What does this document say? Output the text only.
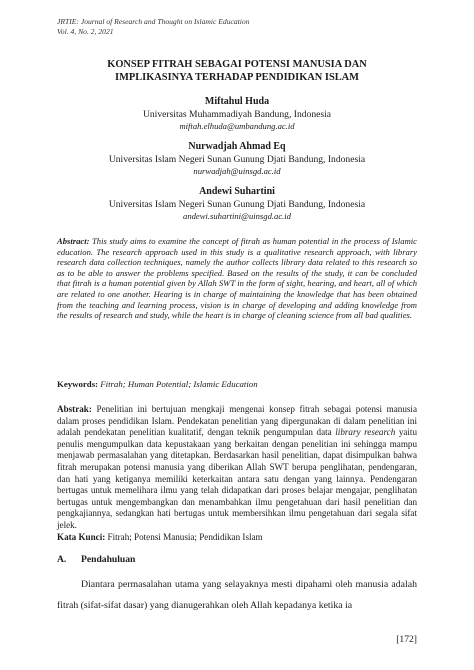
JRTIE: Journal of Research and Thought on Islamic Education
Vol. 4, No. 2, 2021
KONSEP FITRAH SEBAGAI POTENSI MANUSIA DAN
IMPLIKASINYA TERHADAP PENDIDIKAN ISLAM
Miftahul Huda
Universitas Muhammadiyah Bandung, Indonesia
miftah.elhuda@umbandung.ac.id
Nurwadjah Ahmad Eq
Universitas Islam Negeri Sunan Gunung Djati Bandung, Indonesia
nurwadjah@uinsgd.ac.id
Andewi Suhartini
Universitas Islam Negeri Sunan Gunung Djati Bandung, Indonesia
andewi.suhartini@uinsgd.ac.id

Abstract: This study aims to examine the concept of fitrah as human potential in the process of Islamic education. The research approach used in this study is a qualitative research approach, with library research data collection techniques, namely the author collects library data related to this research so as to be able to answer the problems specified. Based on the results of the study, it can be concluded that fitrah is a human potential given by Allah SWT in the form of sight, hearing, and heart, all of which are related to one another. Hearing is in charge of maintaining the knowledge that has been obtained from the teaching and learning process, vision is in charge of developing and adding knowledge from the results of research and study, while the heart is in charge of cleaning science from all bad qualities.

Keywords: Fitrah; Human Potential; Islamic Education

Abstrak: Penelitian ini bertujuan mengkaji mengenai konsep fitrah sebagai potensi manusia dalam proses pendidikan Islam. Pendekatan penelitian yang dipergunakan di dalam penelitian ini adalah pendekatan penelitian kualitatif, dengan teknik pengumpulan data library research yaitu penulis mengumpulkan data kepustakaan yang berkaitan dengan penelitian ini sehingga mampu menjawab permasalahan yang ditetapkan. Berdasarkan hasil penelitian, dapat disimpulkan bahwa fitrah merupakan potensi manusia yang diberikan Allah SWT berupa penglihatan, pendengaran, dan hati yang ketiganya memiliki keterkaitan antara satu dengan yang lainnya. Pendengaran bertugas untuk memelihara ilmu yang telah didapatkan dari proses belajar mengajar, penglihatan bertugas untuk mengembangkan dan menambahkan ilmu pengetahuan dari hasil penelitian dan pengkajiannya, sedangkan hati bertugas untuk membersihkan ilmu pengetahuan dari segala sifat jelek.

Kata Kunci: Fitrah; Potensi Manusia; Pendidikan Islam

A. Pendahuluan

Diantara permasalahan utama yang selayaknya mesti dipahami oleh manusia adalah fitrah (sifat-sifat dasar) yang dianugerahkan oleh Allah kepadanya ketika ia

[172]
